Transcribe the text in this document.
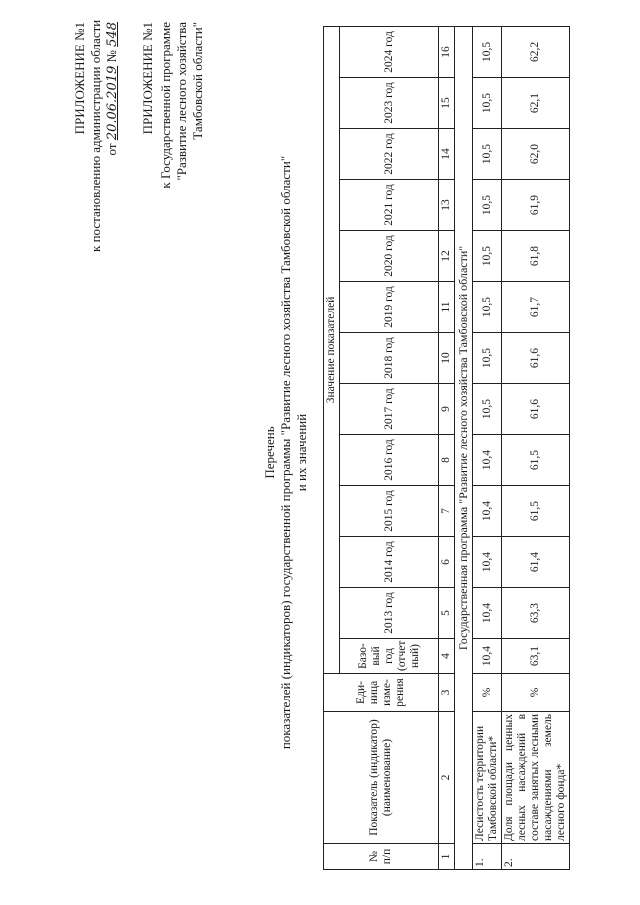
ПРИЛОЖЕНИЕ №1 к постановлению администрации области от 20.06.2019 № 548 ПРИЛОЖЕНИЕ №1 к Государственной программе "Развитие лесного хозяйства Тамбовской области"
Перечень показателей (индикаторов) государственной программы "Развитие лесного хозяйства Тамбовской области" и их значений
№ п/п	Показатель (индикатор) (наименование)	Еди-ница изме-рения	Значение показателей												
			Базо-вый год (отчет ный)	2013 год	2014 год	2015 год	2016 год	2017 год	2018 год	2019 год	2020 год	2021 год	2022 год	2023 год	2024 год
1	2	3	4	5	6	7	8	9	10	11	12	13	14	15	16
Государственная программа "Развитие лесного хозяйства Тамбовской области"															
1.	Лесистость территории Тамбовской области*	%	10,4	10,4	10,4	10,4	10,4	10,5	10,5	10,5	10,5	10,5	10,5	10,5	10,5
2.	Доля площади ценных лесных насаждений в составе занятых лесными насаждениями земель лесного фонда*	%	63,1	63,3	61,4	61,5	61,5	61,6	61,6	61,7	61,8	61,9	62,0	62,1	62,2
